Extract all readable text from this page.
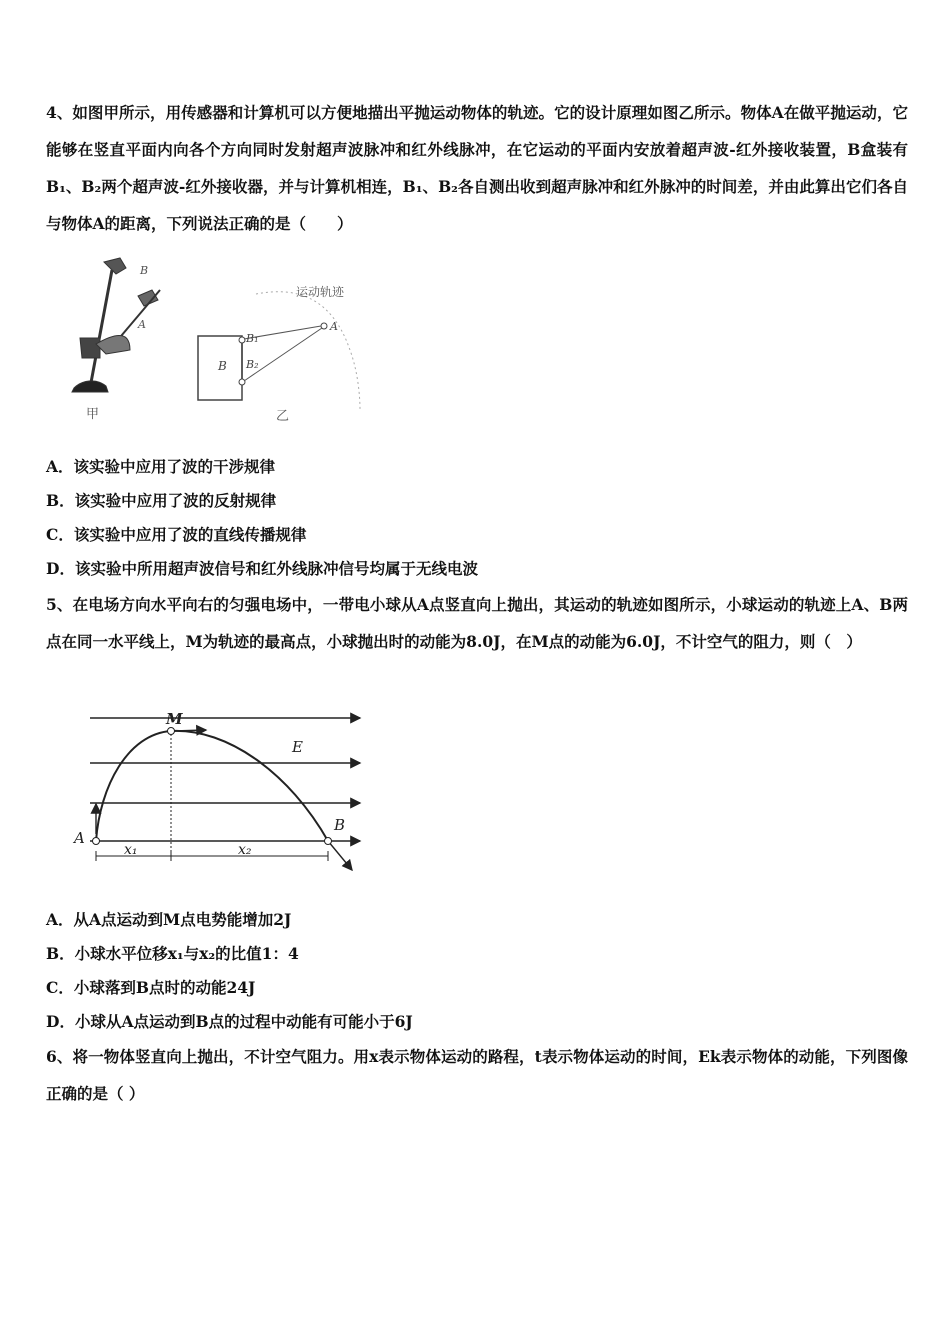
4、如图甲所示，用传感器和计算机可以方便地描出平抛运动物体的轨迹。它的设计原理如图乙所示。物体A在做平抛运动，它能够在竖直平面内向各个方向同时发射超声波脉冲和红外线脉冲，在它运动的平面内安放着超声波-红外接收装置，B盒装有B₁、B₂两个超声波-红外接收器，并与计算机相连，B₁、B₂各自测出收到超声脉冲和红外脉冲的时间差，并由此算出它们各自与物体A的距离，下列说法正确的是（　　）
甲
B
A
运动轨迹
B
B₁
B₂
A
乙
A．该实验中应用了波的干涉规律
B．该实验中应用了波的反射规律
C．该实验中应用了波的直线传播规律
D．该实验中所用超声波信号和红外线脉冲信号均属于无线电波
5、在电场方向水平向右的匀强电场中，一带电小球从A点竖直向上抛出，其运动的轨迹如图所示，小球运动的轨迹上A、B两点在同一水平线上，M为轨迹的最高点，小球抛出时的动能为8.0J，在M点的动能为6.0J，不计空气的阻力，则（　）
M
E
A
B
x₁	x₂
A．从A点运动到M点电势能增加2J
B．小球水平位移x₁与x₂的比值1：4
C．小球落到B点时的动能24J
D．小球从A点运动到B点的过程中动能有可能小于6J
6、将一物体竖直向上抛出，不计空气阻力。用x表示物体运动的路程，t表示物体运动的时间，Ek表示物体的动能，下列图像正确的是（ ）
